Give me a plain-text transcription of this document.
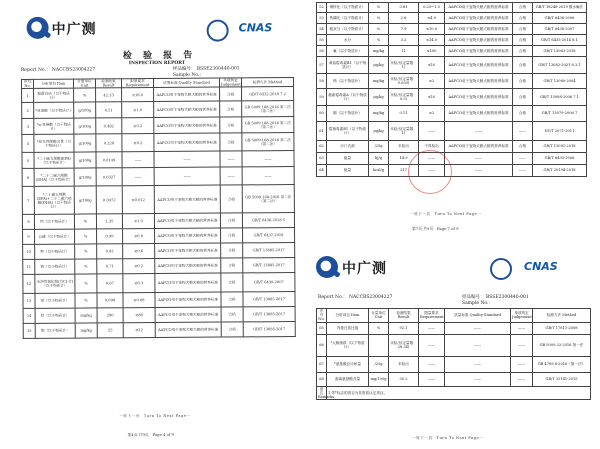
中广测	CNAS
检 验 报 告
INSPECTION REPORT
Report No.： NACCBS23004227	样品编号： BSSE2300440-001
Sample No.：
序号 No.	分析项目 Item	计量单位 Unit	检测结果 Result	限量要求 Requirement	质量标准 Quality Standard	单项判定 Judgement	检测方法 Method
1	粗蛋白质（以干物质计）	%	42.13	≥16.0	AAFCO用于宠物犬粮犬粮的营养标准	合格	GB/T 6432-2018 7.2
2	*亚油酸（以干物质计）	g/100g	4.51	≥1.0	AAFCO用于宠物犬粮犬粮的营养标准	合格	GB 5009.168-2016 第二法（第二法）
3	*α-亚麻酸（以干物质计）	g/100g	0.482	≥0.2	AAFCO用于宠物犬粮犬粮的营养标准	合格	GB 5009.168-2016 第二法（第二法）
4	*花生四烯酸含量（以干物质计）	g/100g	0.228	≥0.2	AAFCO用于宠物犬粮犬粮的营养标准	合格	GB 5009.168-2016 第二法（第二法）
5	*二十碳五烯酸(EPA)（以干物质计）	g/100g	0.0149	——	——	——	——
6	*二十二碳六烯酸(DHA)（以干物质计）	g/100g	0.0327	——	——	——	——
7	*二十碳五烯酸(EPA)+二十二碳六烯酸(DHA)（以干物质计）	g/100g	0.0472	≥0.012	AAFCO用于宠物犬粮犬粮的营养标准	合格	GB 5009.168-2016 第二法（第二法）
8	钙（以干物质计）	%	1.35	≥1.0	AAFCO用于宠物犬粮犬粮的营养标准	合格	GB/T 6436-2018 5
9	总磷（以干物质计）	%	0.99	≥0.8	AAFCO用于宠物犬粮犬粮的营养标准	合格	GB/T 6437-2018
10	钾（以干物质计）	%	0.82	≥0.6	AAFCO用于宠物犬粮犬粮的营养标准	合格	GB/T 13885-2017
11	钠（以干物质计）	%	0.71	≥0.2	AAFCO用于宠物犬粮犬粮的营养标准	合格	GB/T 13885-2017
12	水溶性氯化物(以Cl-计)（以干物质计）	%	0.67	≥0.3	AAFCO用于宠物犬粮犬粮的营养标准	合格	GB/T 6439-2007
13	镁（以干物质计）	%	0.098	≥0.08	AAFCO用于宠物犬粮犬粮的营养标准	合格	GB/T 13885-2017
14	铁（以干物质计）	mg/kg	290	≥80	AAFCO用于宠物犬粮犬粮的营养标准	合格	GB/T 13885-2017
15	铜（以干物质计）	mg/kg	25	≥12	AAFCO用于宠物犬粮犬粮的营养标准	合格	GB/T 13885-2017
一转下一页　Turn To Next Page一
第4页 共9页　Page 4 of 9
52	铜锌比（以干物质计）	%	0.61	0.25~1.5	AAFCO用于宠物犬粮犬粮的营养标准	合格	GB/T 18246-2019 酸水解法
53	钙磷比（以干物质计）	%	2.6	≤4.0	AAFCO用于宠物犬粮犬粮的营养标准	合格	GB/T 6436-2006
54	粗灰分（以干物质计）	%	7.9	≤10.0	AAFCO用于宠物犬粮犬粮的营养标准	合格	GB/T 6438-2007
55	水分	%	3.2	≤14.0	AAFCO用于宠物犬粮犬粮的营养标准	合格	GB/T 6435-2014 8.1
56	氟（以干物质计）	mg/kg	11	≤100	AAFCO用于宠物犬粮犬粮的营养标准	合格	GB/T 13083-2018
57	黄曲霉毒素B1（以干物质计）	μg/kg	未检出(定量限：1)	≤10	AAFCO用于宠物犬粮犬粮的营养标准	合格	GB/T 13082-2021 8.3.1
58	铬（以干物质计）	mg/kg	未检出(定量限：0.050)	≤2	AAFCO用于宠物犬粮犬粮的营养标准	合格	GB/T 13080-2004
59	赭曲霉毒素A（以干物质计）	μg/kg	未检出(定量限：0.5)	≤10	AAFCO用于宠物犬粮犬粮的营养标准	合格	GB/T 13088-2006 7.1
60	镉（以干物质计）	mg/kg	0.11	≤2	AAFCO用于宠物犬粮犬粮的营养标准	合格	GB/T 13079-2006 7
61	霉菌毒素B1（以干物质计）	μg/kg	未检出(定量限：1)	——	——	——	NY/T 2071-2011
62	沙门氏菌	/25g	未检出	不得检出	AAFCO用于宠物犬粮犬粮的营养标准	合格	GB/T 13091-2018
63	能量	kJ/g	14.9	——	——	——	GB/T 6433-2006
64	能量	kcal/g	317	——	——	——	GB/T 20194-2018
一转下一页　Turn To Next Page一
第7页 共9页　Page 7 of 9
中广测	CNAS
Report No.： NACCBS23004227	样品编号： BSSE2300440-001
Sample No.：
序号 No.	分析项目 Item	计量单位 Unit	检测结果 Result	限量要求 Requirement	质量标准 Quality Standard	单项判定 Judgement	检测方法 Method
65	肉蛋白质比值	%	92.1	——	——	——	GB/T 17811-2008
66	*大肠菌群（以干物质计）		未检出(定量限：28.34)	——	——	——	GB 5009.32-2016 第一法
67	*氨基酸总计和量	/25g	未检出	——	——	——	GB 4789.6-2016（第一法）
68	游离氨基酸含量	mg/100g	30.2	——	——	——	GB/T 32141-2015
备注 Remarks	1.带*标志的项目为非资质认定项目。						
一转下一页　Turn To Next Page一
